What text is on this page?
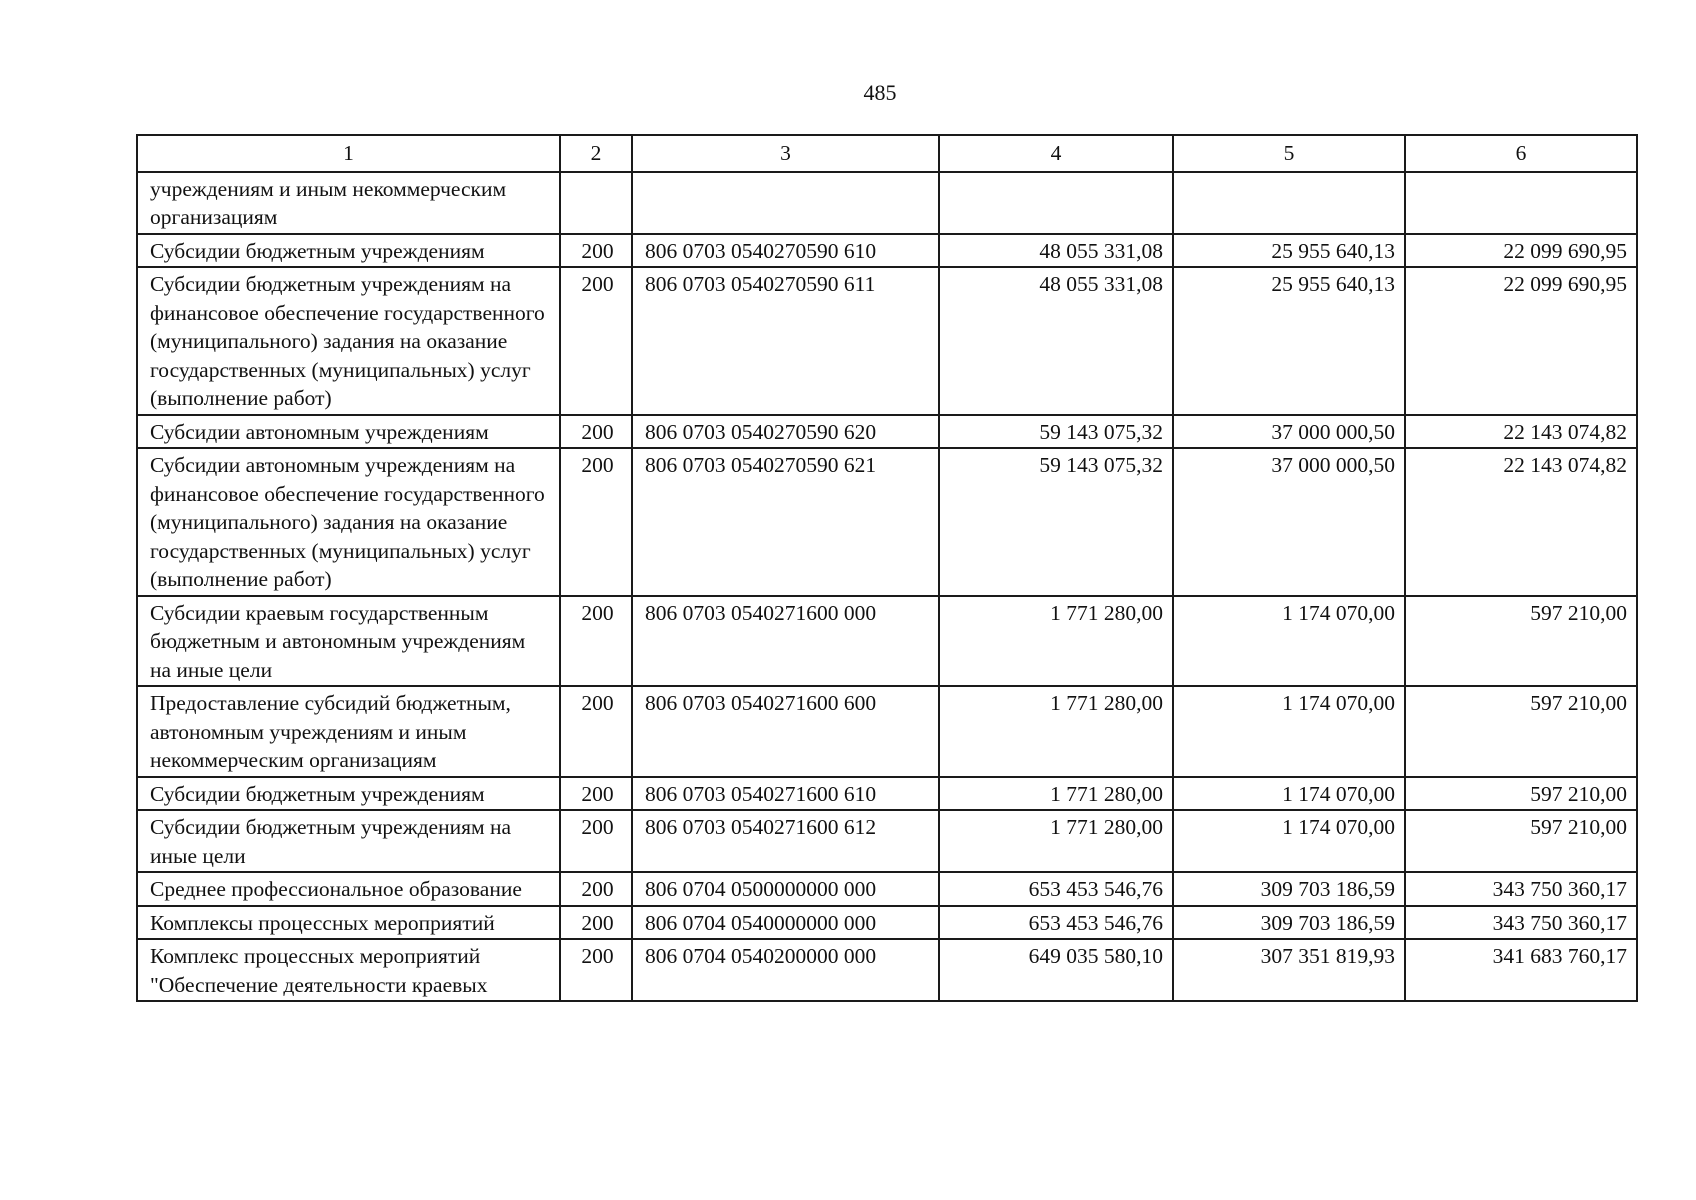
485
1	2	3	4	5	6
учреждениям и иным некоммерческим организациям					
Субсидии бюджетным учреждениям	200	806 0703 0540270590 610	48 055 331,08	25 955 640,13	22 099 690,95
Субсидии бюджетным учреждениям на финансовое обеспечение государственного (муниципального) задания на оказание государственных (муниципальных) услуг (выполнение работ)	200	806 0703 0540270590 611	48 055 331,08	25 955 640,13	22 099 690,95
Субсидии автономным учреждениям	200	806 0703 0540270590 620	59 143 075,32	37 000 000,50	22 143 074,82
Субсидии автономным учреждениям на финансовое обеспечение государственного (муниципального) задания на оказание государственных (муниципальных) услуг (выполнение работ)	200	806 0703 0540270590 621	59 143 075,32	37 000 000,50	22 143 074,82
Субсидии краевым государственным бюджетным и автономным учреждениям на иные цели	200	806 0703 0540271600 000	1 771 280,00	1 174 070,00	597 210,00
Предоставление субсидий бюджетным, автономным учреждениям и иным некоммерческим организациям	200	806 0703 0540271600 600	1 771 280,00	1 174 070,00	597 210,00
Субсидии бюджетным учреждениям	200	806 0703 0540271600 610	1 771 280,00	1 174 070,00	597 210,00
Субсидии бюджетным учреждениям на иные цели	200	806 0703 0540271600 612	1 771 280,00	1 174 070,00	597 210,00
Среднее профессиональное образование	200	806 0704 0500000000 000	653 453 546,76	309 703 186,59	343 750 360,17
Комплексы процессных мероприятий	200	806 0704 0540000000 000	653 453 546,76	309 703 186,59	343 750 360,17
Комплекс процессных мероприятий "Обеспечение деятельности краевых	200	806 0704 0540200000 000	649 035 580,10	307 351 819,93	341 683 760,17
